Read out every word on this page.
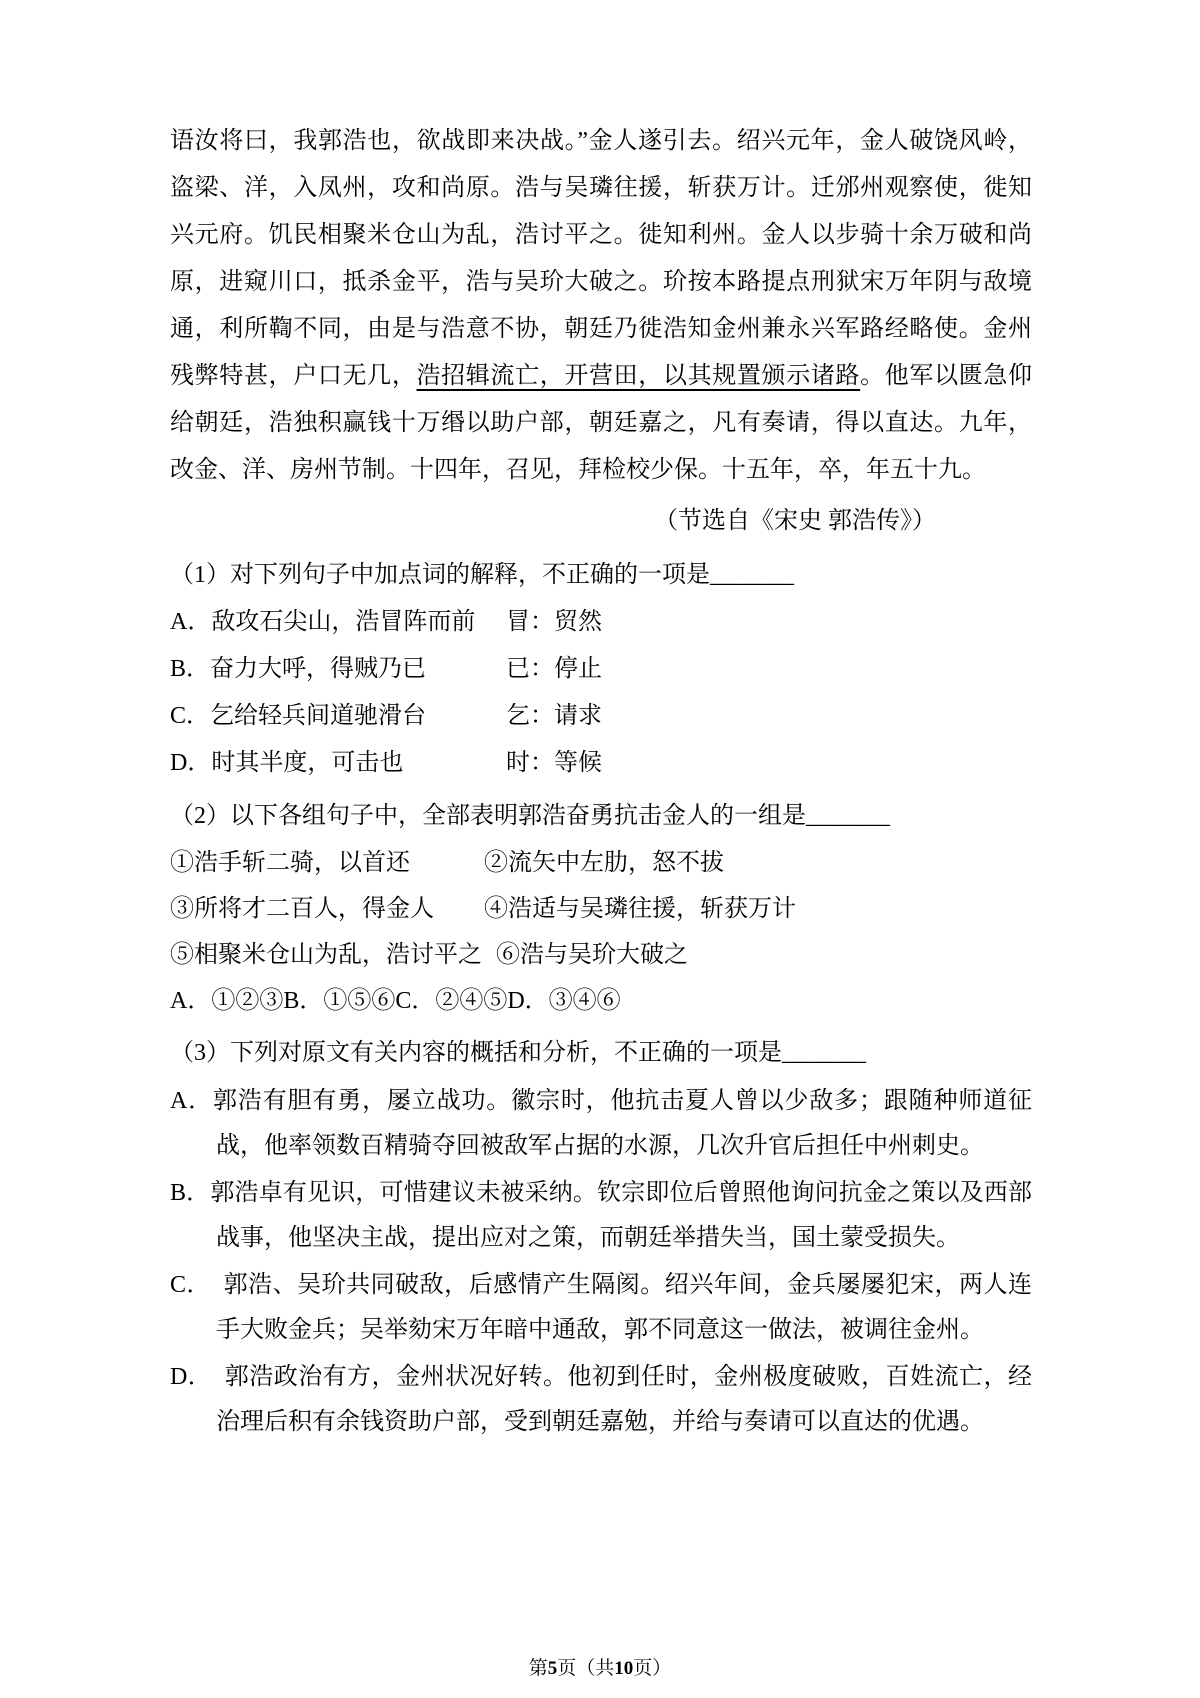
语汝将曰，我郭浩也，欲战即来决战。”金人遂引去。绍兴元年，金人破饶风岭，盗梁、洋，入凤州，攻和尚原。浩与吴璘往援，斩获万计。迁邠州观察使，徙知兴元府。饥民相聚米仓山为乱，浩讨平之。徙知利州。金人以步骑十余万破和尚原，进窥川口，抵杀金平，浩与吴玠大破之。玠按本路提点刑狱宋万年阴与敌境通，利所鞫不同，由是与浩意不协，朝廷乃徙浩知金州兼永兴军路经略使。金州残弊特甚，户口无几，浩招辑流亡，开营田，以其规置颁示诸路。他军以匮急仰给朝廷，浩独积赢钱十万缗以助户部，朝廷嘉之，凡有奏请，得以直达。九年，改金、洋、房州节制。十四年，召见，拜检校少保。十五年，卒，年五十九。
（节选自《宋史 郭浩传》）
（1）对下列句子中加点词的解释，不正确的一项是_______
A．敌攻石尖山，浩冒阵而前	冒：贸然
B．奋力大呼，得贼乃已	已：停止
C．乞给轻兵间道驰滑台	乞：请求
D．时其半度，可击也	时：等候
（2）以下各组句子中，全部表明郭浩奋勇抗击金人的一组是_______
①浩手斩二骑，以首还	②流矢中左肋，怒不拔
③所将才二百人，得金人	④浩适与吴璘往援，斩获万计
⑤相聚米仓山为乱，浩讨平之 ⑥浩与吴玠大破之
A．①②③B．①⑤⑥C．②④⑤D．③④⑥
（3）下列对原文有关内容的概括和分析，不正确的一项是_______
A．郭浩有胆有勇，屡立战功。徽宗时，他抗击夏人曾以少敌多；跟随种师道征战，他率领数百精骑夺回被敌军占据的水源，几次升官后担任中州刺史。
B．郭浩卓有见识，可惜建议未被采纳。钦宗即位后曾照他询问抗金之策以及西部战事，他坚决主战，提出应对之策，而朝廷举措失当，国土蒙受损失。
C．　郭浩、吴玠共同破敌，后感情产生隔阂。绍兴年间，金兵屡屡犯宋，两人连手大败金兵；吴举劾宋万年暗中通敌，郭不同意这一做法，被调往金州。
D．　郭浩政治有方，金州状况好转。他初到任时，金州极度破败，百姓流亡，经治理后积有余钱资助户部，受到朝廷嘉勉，并给与奏请可以直达的优遇。
第5页（共10页）
